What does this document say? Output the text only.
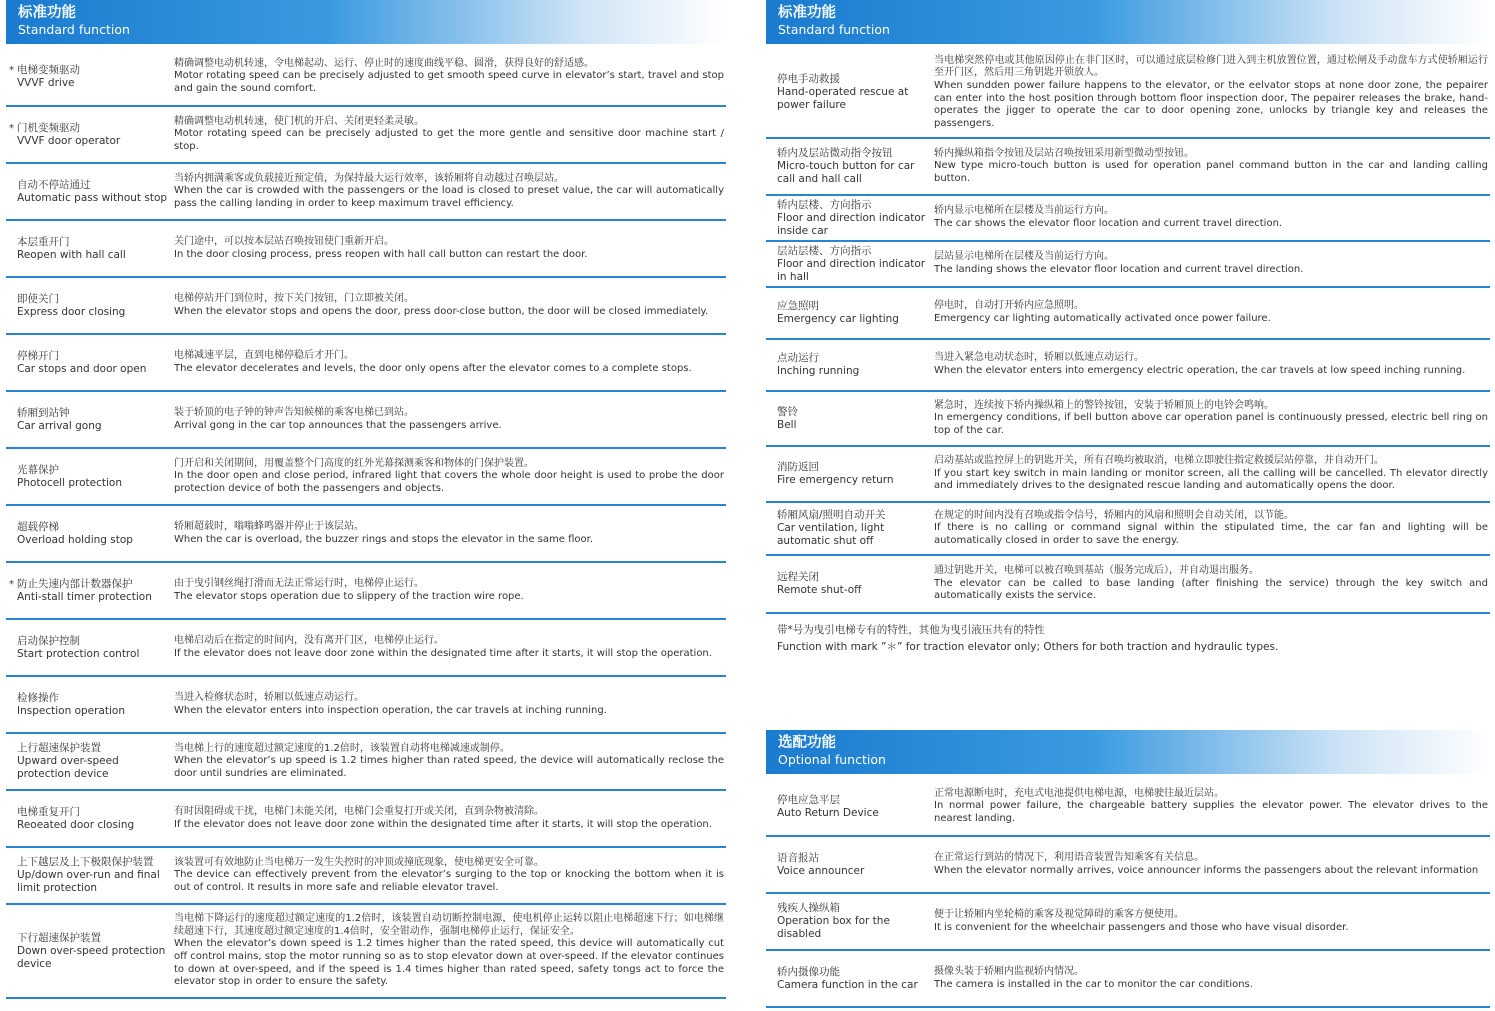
标准功能
Standard function
* 电梯变频驱动
VVVF drive
精确调整电动机转速，令电梯起动、运行、停止时的速度曲线平稳、圆滑，获得良好的舒适感。
Motor rotating speed can be precisely adjusted to get smooth speed curve in elevator’s start, travel and stop and gain the sound comfort.
* 门机变频驱动
VVVF door operator
精确调整电动机转速，使门机的开启、关闭更轻柔灵敏。
Motor rotating speed can be precisely adjusted to get the more gentle and sensitive door machine start / stop.
自动不停站通过
Automatic pass without stop
当轿内拥满乘客或负载接近预定值，为保持最大运行效率，该轿厢将自动越过召唤层站。
When the car is crowded with the passengers or the load is closed to preset value, the car will automatically pass the calling landing in order to keep maximum travel efficiency.
本层重开门
Reopen with hall call
关门途中，可以按本层站召唤按钮使门重新开启。
In the door closing process, press reopen with hall call button can restart the door.
即使关门
Express door closing
电梯停站开门到位时，按下关门按钮，门立即被关闭。
When the elevator stops and opens the door, press door-close button, the door will be closed immediately.
停梯开门
Car stops and door open
电梯减速平层，直到电梯停稳后才开门。
The elevator decelerates and levels, the door only opens after the elevator comes to a complete stops.
轿厢到站钟
Car arrival gong
装于轿顶的电子钟的钟声告知候梯的乘客电梯已到站。
Arrival gong in the car top announces that the passengers arrive.
光幕保护
Photocell protection
门开启和关闭期间，用覆盖整个门高度的红外光幕探测乘客和物体的门保护装置。
In the door open and close period, infrared light that covers the whole door height is used to probe the door protection device of both the passengers and objects.
超载停梯
Overload holding stop
轿厢超载时，嗡嗡蜂鸣器并停止于该层站。
When the car is overload, the buzzer rings and stops the elevator in the same floor.
* 防止失速内部计数器保护
Anti-stall timer protection
由于曳引钢丝绳打滑而无法正常运行时，电梯停止运行。
The elevator stops operation due to slippery of the traction wire rope.
启动保护控制
Start protection control
电梯启动后在指定的时间内，没有离开门区，电梯停止运行。
If the elevator does not leave door zone within the designated time after it starts, it will stop the operation.
检修操作
Inspection operation
当进入检修状态时，轿厢以低速点动运行。
When the elevator enters into inspection operation, the car travels at inching running.
上行超速保护装置
Upward over-speed protection device
当电梯上行的速度超过额定速度的1.2倍时，该装置自动将电梯减速或制停。
When the elevator’s up speed is 1.2 times higher than rated speed, the device will automatically reclose the door until sundries are eliminated.
电梯重复开门
Reoeated door closing
有时因阻碍或干扰，电梯门未能关闭，电梯门会重复打开或关闭，直到杂物被清除。
If the elevator does not leave door zone within the designated time after it starts, it will stop the operation.
上下越层及上下极限保护装置
Up/down over-run and final limit protection
该装置可有效地防止当电梯万一发生失控时的冲顶或撞底现象，使电梯更安全可靠。
The device can effectively prevent from the elevator’s surging to the top or knocking the bottom when it is out of control. It results in more safe and reliable elevator travel.
下行超速保护装置
Down over-speed protection device
当电梯下降运行的速度超过额定速度的1.2倍时，该装置自动切断控制电源，使电机停止运转以阻止电梯超速下行；如电梯继续超速下行，其速度超过额定速度的1.4倍时，安全钳动作，强制电梯停止运行，保证安全。
When the elevator’s down speed is 1.2 times higher than the rated speed, this device will automatically cut off control mains, stop the motor running so as to stop elevator down at over-speed. If the elevator continues to down at over-speed, and if the speed is 1.4 times higher than rated speed, safety tongs act to force the elevator stop in order to ensure the safety.
标准功能
Standard function
停电手动救援
Hand-operated rescue at power failure
当电梯突然停电或其他原因停止在非门区时，可以通过底层检修门进入到主机放置位置，通过松闸及手动盘车方式使轿厢运行至开门区，然后用三角钥匙开锁放人。
When sundden power failure happens to the elevator, or the eelvator stops at none door zone, the pepairer can enter into the host position through bottom floor inspection door, The pepairer releases the brake, hand-operates the jigger to operate the car to door opening zone, unlocks by triangle key and releases the passengers.
轿内及层站微动指令按钮
Micro-touch button for car call and hall call
轿内操纵箱指令按钮及层站召唤按钮采用新型微动型按钮。
New type micro-touch button is used for operation panel command button in the car and landing calling button.
轿内层楼、方向指示
Floor and direction indicator inside car
轿内显示电梯所在层楼及当前运行方向。
The car shows the elevator floor location and current travel direction.
层站层楼、方向指示
Floor and direction indicator in hall
层站显示电梯所在层楼及当前运行方向。
The landing shows the elevator floor location and current travel direction.
应急照明
Emergency car lighting
停电时，自动打开轿内应急照明。
Emergency car lighting automatically activated once power failure.
点动运行
Inching running
当进入紧急电动状态时，轿厢以低速点动运行。
When the elevator enters into emergency electric operation, the car travels at low speed inching running.
警铃
Bell
紧急时，连续按下轿内操纵箱上的警铃按钮，安装于轿厢顶上的电铃会鸣响。
In emergency conditions, if bell button above car operation panel is continuously pressed, electric bell ring on top of the car.
消防返回
Fire emergency return
启动基站或监控屏上的钥匙开关，所有召唤均被取消，电梯立即驶往指定救援层站停靠，并自动开门。
If you start key switch in main landing or monitor screen, all the calling will be cancelled. Th elevator directly and immediately drives to the designated rescue landing and automatically opens the door.
轿厢风扇/照明自动开关
Car ventilation, light automatic shut off
在规定的时间内没有召唤或指令信号，轿厢内的风扇和照明会自动关闭，以节能。
If there is no calling or command signal within the stipulated time, the car fan and lighting will be automatically closed in order to save the energy.
远程关闭
Remote shut-off
通过钥匙开关，电梯可以被召唤到基站（服务完成后），并自动退出服务。
The elevator can be called to base landing (after finishing the service) through the key switch and automatically exists the service.
带*号为曳引电梯专有的特性，其他为曳引液压共有的特性
Function with mark ”＊” for traction elevator only; Others for both traction and hydraulic types.
选配功能
Optional function
停电应急平层
Auto Return Device
正常电源断电时，充电式电池提供电梯电源，电梯驶往最近层站。
In normal power failure, the chargeable battery supplies the elevator power. The elevator drives to the nearest landing.
语音报站
Voice announcer
在正常运行到站的情况下，利用语音装置告知乘客有关信息。
When the elevator normally arrives, voice announcer informs the passengers about the relevant information
残疾人操纵箱
Operation box for the disabled
便于让轿厢内坐轮椅的乘客及视觉障碍的乘客方便使用。
It is convenient for the wheelchair passengers and those who have visual disorder.
轿内摄像功能
Camera function in the car
摄像头装于轿厢内监视轿内情况。
The camera is installed in the car to monitor the car conditions.
